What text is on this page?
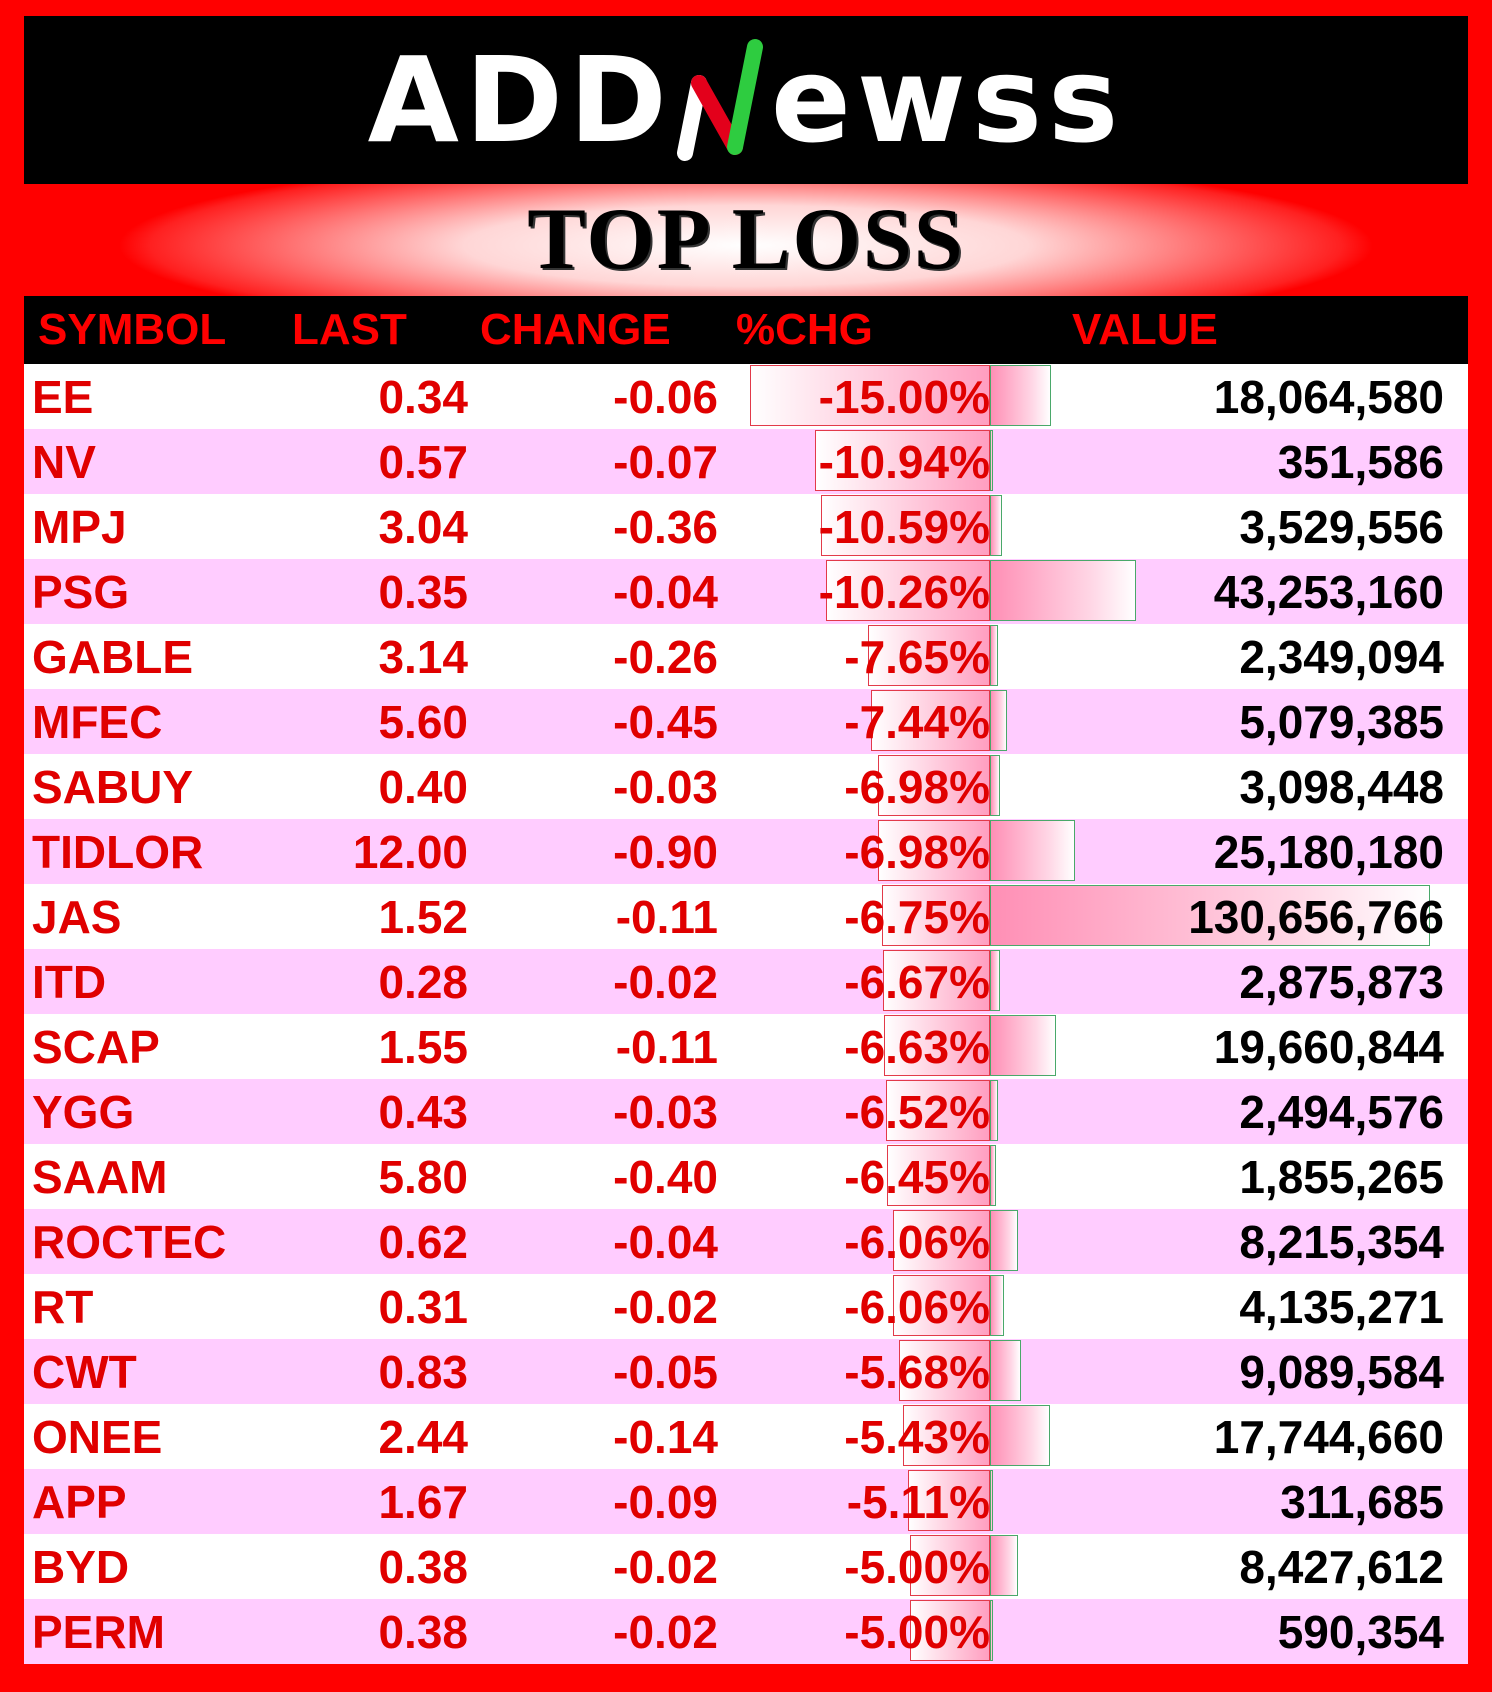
ADD ewss
TOP LOSS
SYMBOL LAST CHANGE %CHG	VALUE
EE	0.34	-0.06 -15.00%	18,064,580
NV	0.57	-0.07 -10.94%	351,586
MPJ	3.04	-0.36 -10.59%	3,529,556
PSG	0.35	-0.04 -10.26%	43,253,160
GABLE	3.14	-0.26	-7.65%	2,349,094
MFEC	5.60	-0.45	-7.44%	5,079,385
SABUY	0.40	-0.03	-6.98%	3,098,448
TIDLOR	12.00	-0.90	-6.98%	25,180,180
JAS	1.52	-0.11	-6.75%	130,656,766
ITD	0.28	-0.02	-6.67%	2,875,873
SCAP	1.55	-0.11	-6.63%	19,660,844
YGG	0.43	-0.03	-6.52%	2,494,576
SAAM	5.80	-0.40	-6.45%	1,855,265
ROCTEC	0.62	-0.04	-6.06%	8,215,354
RT	0.31	-0.02	-6.06%	4,135,271
CWT	0.83	-0.05	-5.68%	9,089,584
ONEE	2.44	-0.14	-5.43%	17,744,660
APP	1.67	-0.09	-5.11%	311,685
BYD	0.38	-0.02	-5.00%	8,427,612
PERM	0.38	-0.02	-5.00%	590,354
